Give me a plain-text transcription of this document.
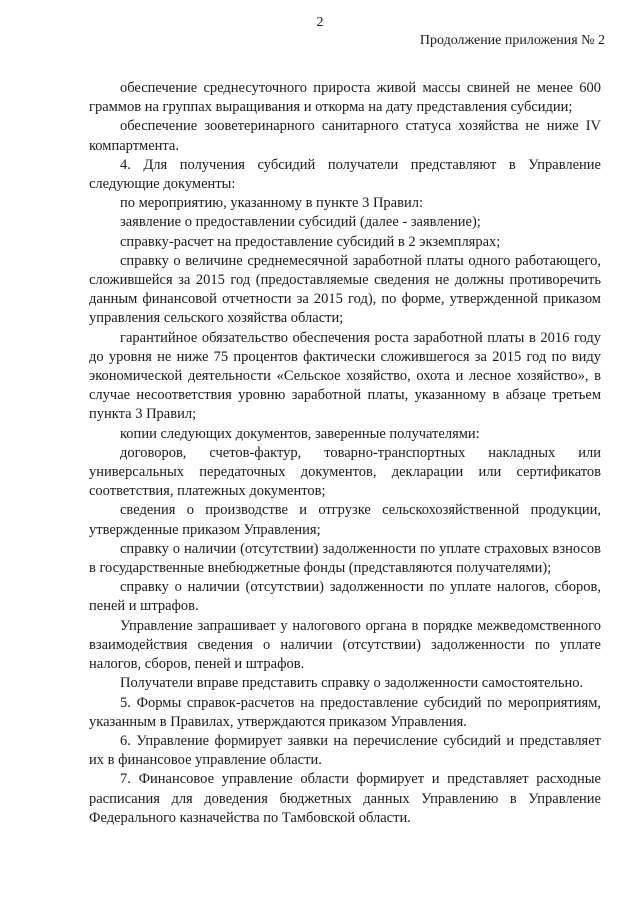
2
Продолжение приложения № 2

обеспечение среднесуточного прироста живой массы свиней не менее 600 граммов на группах выращивания и откорма на дату представления субсидии;

обеспечение зооветеринарного санитарного статуса хозяйства не ниже IV компартмента.

4. Для получения субсидий получатели представляют в Управление следующие документы:

по мероприятию, указанному в пункте 3 Правил:

заявление о предоставлении субсидий (далее - заявление);

справку-расчет на предоставление субсидий в 2 экземплярах;

справку о величине среднемесячной заработной платы одного работающего, сложившейся за 2015 год (предоставляемые сведения не должны противоречить данным финансовой отчетности за 2015 год), по форме, утвержденной приказом управления сельского хозяйства области;

гарантийное обязательство обеспечения роста заработной платы в 2016 году до уровня не ниже 75 процентов фактически сложившегося за 2015 год по виду экономической деятельности «Сельское хозяйство, охота и лесное хозяйство», в случае несоответствия уровню заработной платы, указанному в абзаце третьем пункта 3 Правил;

копии следующих документов, заверенные получателями:

договоров, счетов-фактур, товарно-транспортных накладных или универсальных передаточных документов, декларации или сертификатов соответствия, платежных документов;

сведения о производстве и отгрузке сельскохозяйственной продукции, утвержденные приказом Управления;

справку о наличии (отсутствии) задолженности по уплате страховых взносов в государственные внебюджетные фонды (представляются получателями);

справку о наличии (отсутствии) задолженности по уплате налогов, сборов, пеней и штрафов.

Управление запрашивает у налогового органа в порядке межведомственного взаимодействия сведения о наличии (отсутствии) задолженности по уплате налогов, сборов, пеней и штрафов.

Получатели вправе представить справку о задолженности самостоятельно.

5. Формы справок-расчетов на предоставление субсидий по мероприятиям, указанным в Правилах, утверждаются приказом Управления.

6. Управление формирует заявки на перечисление субсидий и представляет их в финансовое управление области.

7. Финансовое управление области формирует и представляет расходные расписания для доведения бюджетных данных Управлению в Управление Федерального казначейства по Тамбовской области.
